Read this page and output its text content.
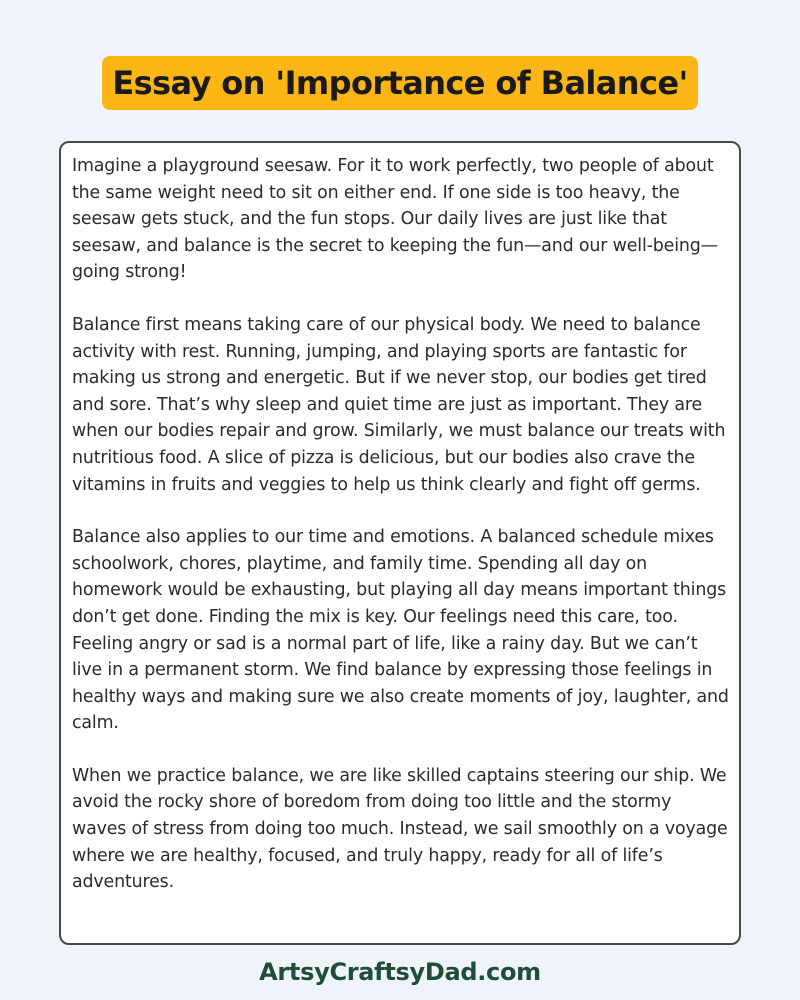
Essay on 'Importance of Balance'

Imagine a playground seesaw. For it to work perfectly, two people of about the same weight need to sit on either end. If one side is too heavy, the seesaw gets stuck, and the fun stops. Our daily lives are just like that seesaw, and balance is the secret to keeping the fun—and our well-being—going strong!

Balance first means taking care of our physical body. We need to balance activity with rest. Running, jumping, and playing sports are fantastic for making us strong and energetic. But if we never stop, our bodies get tired and sore. That’s why sleep and quiet time are just as important. They are when our bodies repair and grow. Similarly, we must balance our treats with nutritious food. A slice of pizza is delicious, but our bodies also crave the vitamins in fruits and veggies to help us think clearly and fight off germs.

Balance also applies to our time and emotions. A balanced schedule mixes schoolwork, chores, playtime, and family time. Spending all day on homework would be exhausting, but playing all day means important things don’t get done. Finding the mix is key. Our feelings need this care, too. Feeling angry or sad is a normal part of life, like a rainy day. But we can’t live in a permanent storm. We find balance by expressing those feelings in healthy ways and making sure we also create moments of joy, laughter, and calm.

When we practice balance, we are like skilled captains steering our ship. We avoid the rocky shore of boredom from doing too little and the stormy waves of stress from doing too much. Instead, we sail smoothly on a voyage where we are healthy, focused, and truly happy, ready for all of life’s adventures.

ArtsyCraftsyDad.com
